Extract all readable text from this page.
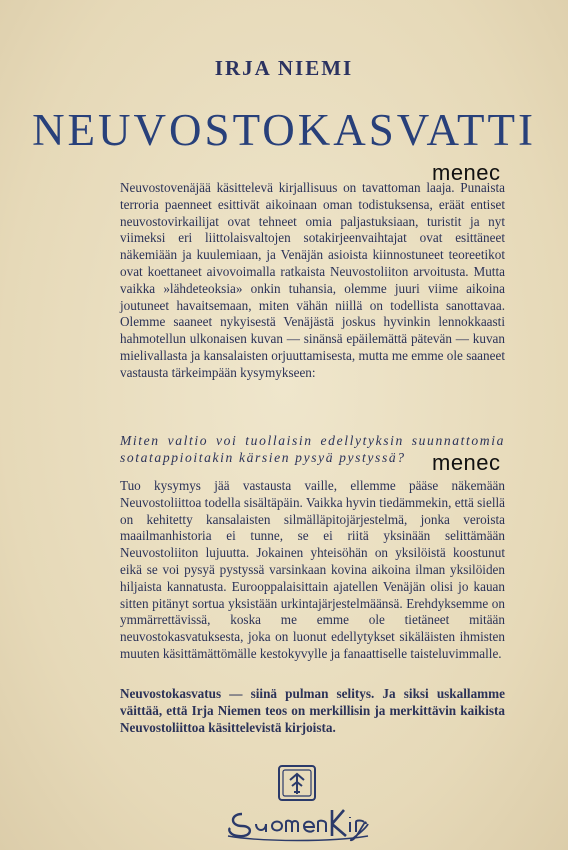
IRJA NIEMI
NEUVOSTOKASVATTI
menec

Neuvostovenäjää käsittelevä kirjallisuus on tavattoman laaja. Punaista terroria paenneet esittivät aikoinaan oman todistuksensa, eräät entiset neuvostovirkailijat ovat tehneet omia paljastuksiaan, turistit ja nyt viimeksi eri liittolaisvaltojen sotakirjeenvaihtajat ovat esittäneet näkemiään ja kuulemiaan, ja Venäjän asioista kiinnostuneet teoreetikot ovat koettaneet aivovoimalla ratkaista Neuvostoliiton arvoitusta. Mutta vaikka »lähdeteoksia» onkin tuhansia, olemme juuri viime aikoina joutuneet havaitsemaan, miten vähän niillä on todellista sanottavaa. Olemme saaneet nykyisestä Venäjästä joskus hyvinkin lennokkaasti hahmotellun ulkonaisen kuvan — sinänsä epäilemättä pätevän — kuvan mielivallasta ja kansalaisten orjuuttamisesta, mutta me emme ole saaneet vastausta tärkeimpään kysymykseen:

Miten valtio voi tuollaisin edellytyksin suunnattomia sotatappioitakin kärsien pysyä pystyssä?	menec

Tuo kysymys jää vastausta vaille, ellemme pääse näkemään Neuvostoliittoa todella sisältäpäin. Vaikka hyvin tiedämmekin, että siellä on kehitetty kansalaisten silmälläpitojärjestelmä, jonka veroista maailmanhistoria ei tunne, se ei riitä yksinään selittämään Neuvostoliiton lujuutta. Jokainen yhteisöhän on yksilöistä koostunut eikä se voi pysyä pystyssä varsinkaan kovina aikoina ilman yksilöiden hiljaista kannatusta. Eurooppalaisittain ajatellen Venäjän olisi jo kauan sitten pitänyt sortua yksistään urkintajärjestelmäänsä. Erehdyksemme on ymmärrettävissä, koska me emme ole tietäneet mitään neuvostokasvatuksesta, joka on luonut edellytykset sikäläisten ihmisten muuten käsittämättömälle kestokyvylle ja fanaattiselle taisteluvimmalle.

Neuvostokasvatus — siinä pulman selitys. Ja siksi uskallamme väittää, että Irja Niemen teos on merkillisin ja merkittävin kaikista Neuvostoliittoa käsittelevistä kirjoista.
